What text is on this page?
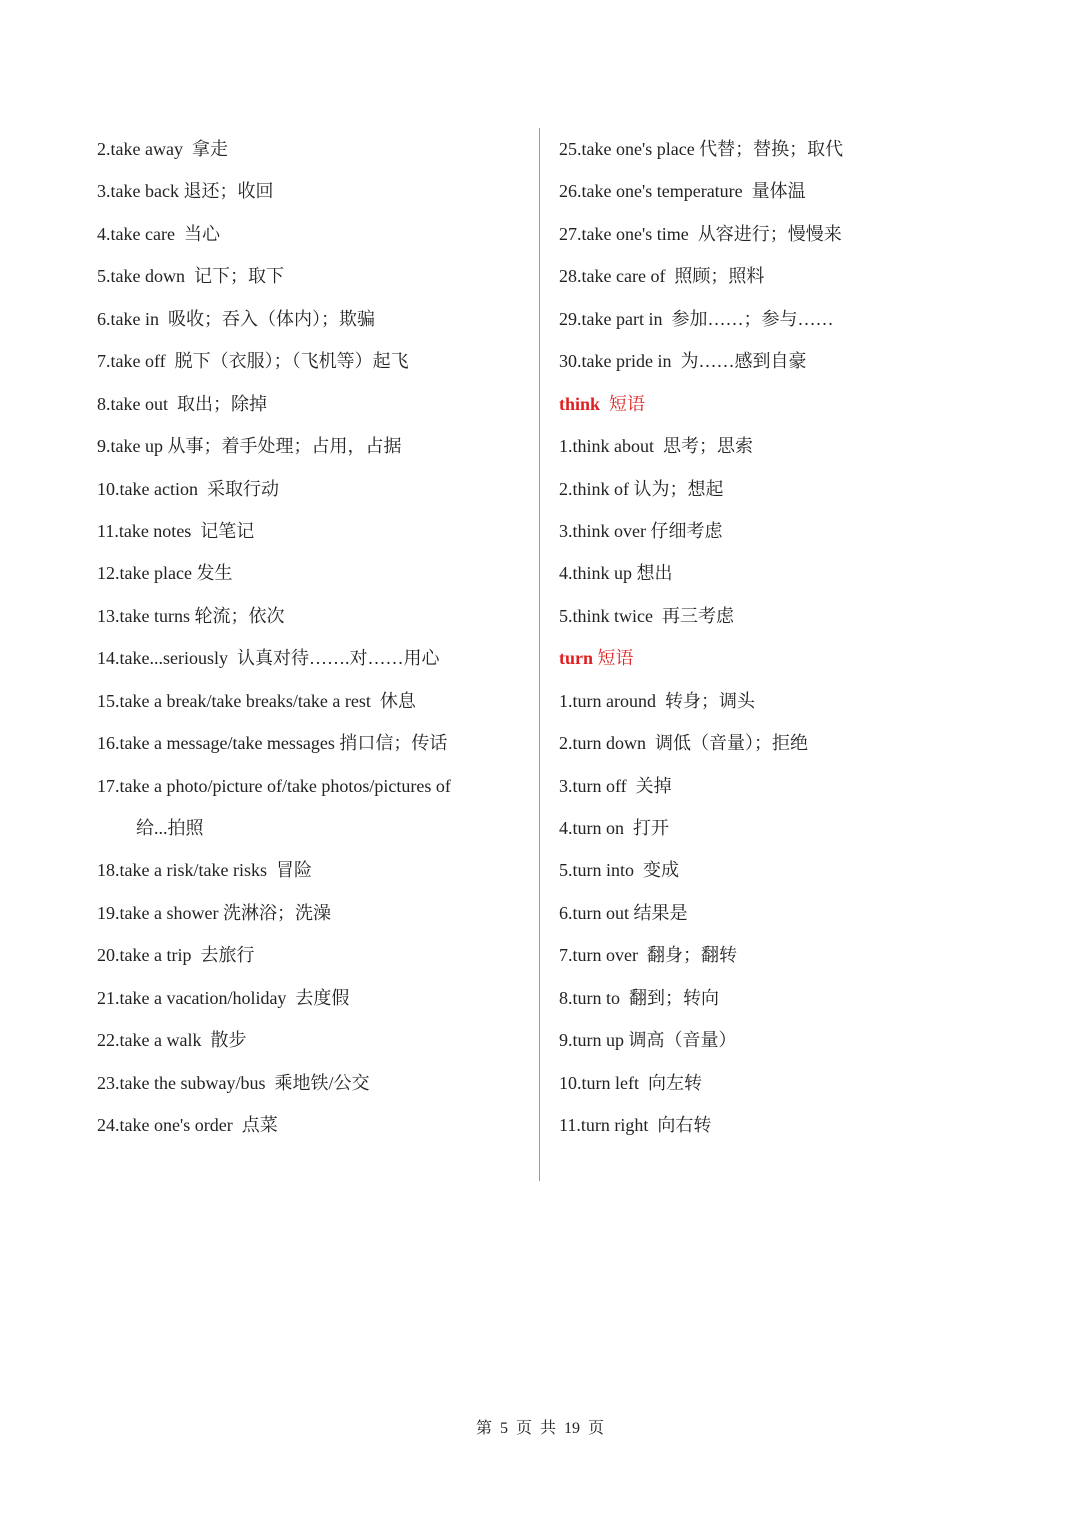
2.take away  拿走
3.take back 退还；收回
4.take care  当心
5.take down  记下；取下
6.take in  吸收；吞入（体内）；欺骗
7.take off  脱下（衣服）；（飞机等）起飞
8.take out  取出；除掉
9.take up 从事；着手处理；占用，占据
10.take action  采取行动
11.take notes  记笔记
12.take place 发生
13.take turns 轮流；依次
14.take...seriously  认真对待…….对……用心
15.take a break/take breaks/take a rest  休息
16.take a message/take messages 捎口信；传话
17.take a photo/picture of/take photos/pictures of
给...拍照
18.take a risk/take risks  冒险
19.take a shower 洗淋浴；洗澡
20.take a trip  去旅行
21.take a vacation/holiday  去度假
22.take a walk  散步
23.take the subway/bus  乘地铁/公交
24.take one's order  点菜
25.take one's place 代替；替换；取代
26.take one's temperature  量体温
27.take one's time  从容进行；慢慢来
28.take care of  照顾；照料
29.take part in  参加……；参与……
30.take pride in  为……感到自豪
think  短语
1.think about  思考；思索
2.think of 认为；想起
3.think over 仔细考虑
4.think up 想出
5.think twice  再三考虑
turn 短语
1.turn around  转身；调头
2.turn down  调低（音量）；拒绝
3.turn off  关掉
4.turn on  打开
5.turn into  变成
6.turn out 结果是
7.turn over  翻身；翻转
8.turn to  翻到；转向
9.turn up 调高（音量）
10.turn left  向左转
11.turn right  向右转
第 5 页 共 19 页
